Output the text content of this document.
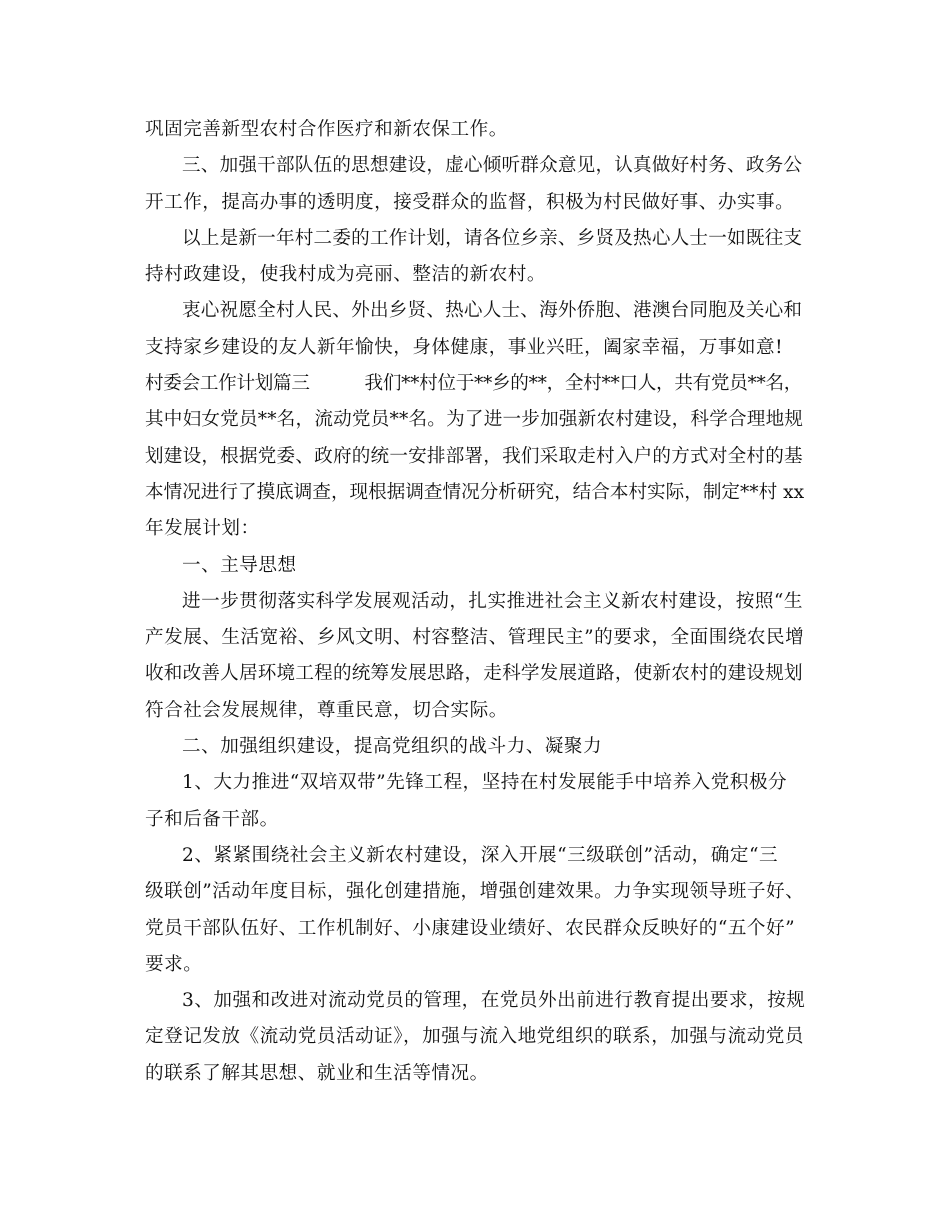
巩固完善新型农村合作医疗和新农保工作。
三、加强干部队伍的思想建设，虚心倾听群众意见，认真做好村务、政务公
开工作，提高办事的透明度，接受群众的监督，积极为村民做好事、办实事。
以上是新一年村二委的工作计划，请各位乡亲、乡贤及热心人士一如既往支
持村政建设，使我村成为亮丽、整洁的新农村。
衷心祝愿全村人民、外出乡贤、热心人士、海外侨胞、港澳台同胞及关心和
支持家乡建设的友人新年愉快，身体健康，事业兴旺，阖家幸福，万事如意!
村委会工作计划篇三　　　我们**村位于**乡的**，全村**口人，共有党员**名，
其中妇女党员**名，流动党员**名。为了进一步加强新农村建设，科学合理地规
划建设，根据党委、政府的统一安排部署，我们采取走村入户的方式对全村的基
本情况进行了摸底调查，现根据调查情况分析研究，结合本村实际，制定**村 xx
年发展计划：
一、主导思想
进一步贯彻落实科学发展观活动，扎实推进社会主义新农村建设，按照“生
产发展、生活宽裕、乡风文明、村容整洁、管理民主”的要求，全面围绕农民增
收和改善人居环境工程的统筹发展思路，走科学发展道路，使新农村的建设规划
符合社会发展规律，尊重民意，切合实际。
二、加强组织建设，提高党组织的战斗力、凝聚力
1、大力推进“双培双带”先锋工程，坚持在村发展能手中培养入党积极分
子和后备干部。
2、紧紧围绕社会主义新农村建设，深入开展“三级联创”活动，确定“三
级联创”活动年度目标，强化创建措施，增强创建效果。力争实现领导班子好、
党员干部队伍好、工作机制好、小康建设业绩好、农民群众反映好的“五个好”
要求。
3、加强和改进对流动党员的管理，在党员外出前进行教育提出要求，按规
定登记发放《流动党员活动证》，加强与流入地党组织的联系，加强与流动党员
的联系了解其思想、就业和生活等情况。
